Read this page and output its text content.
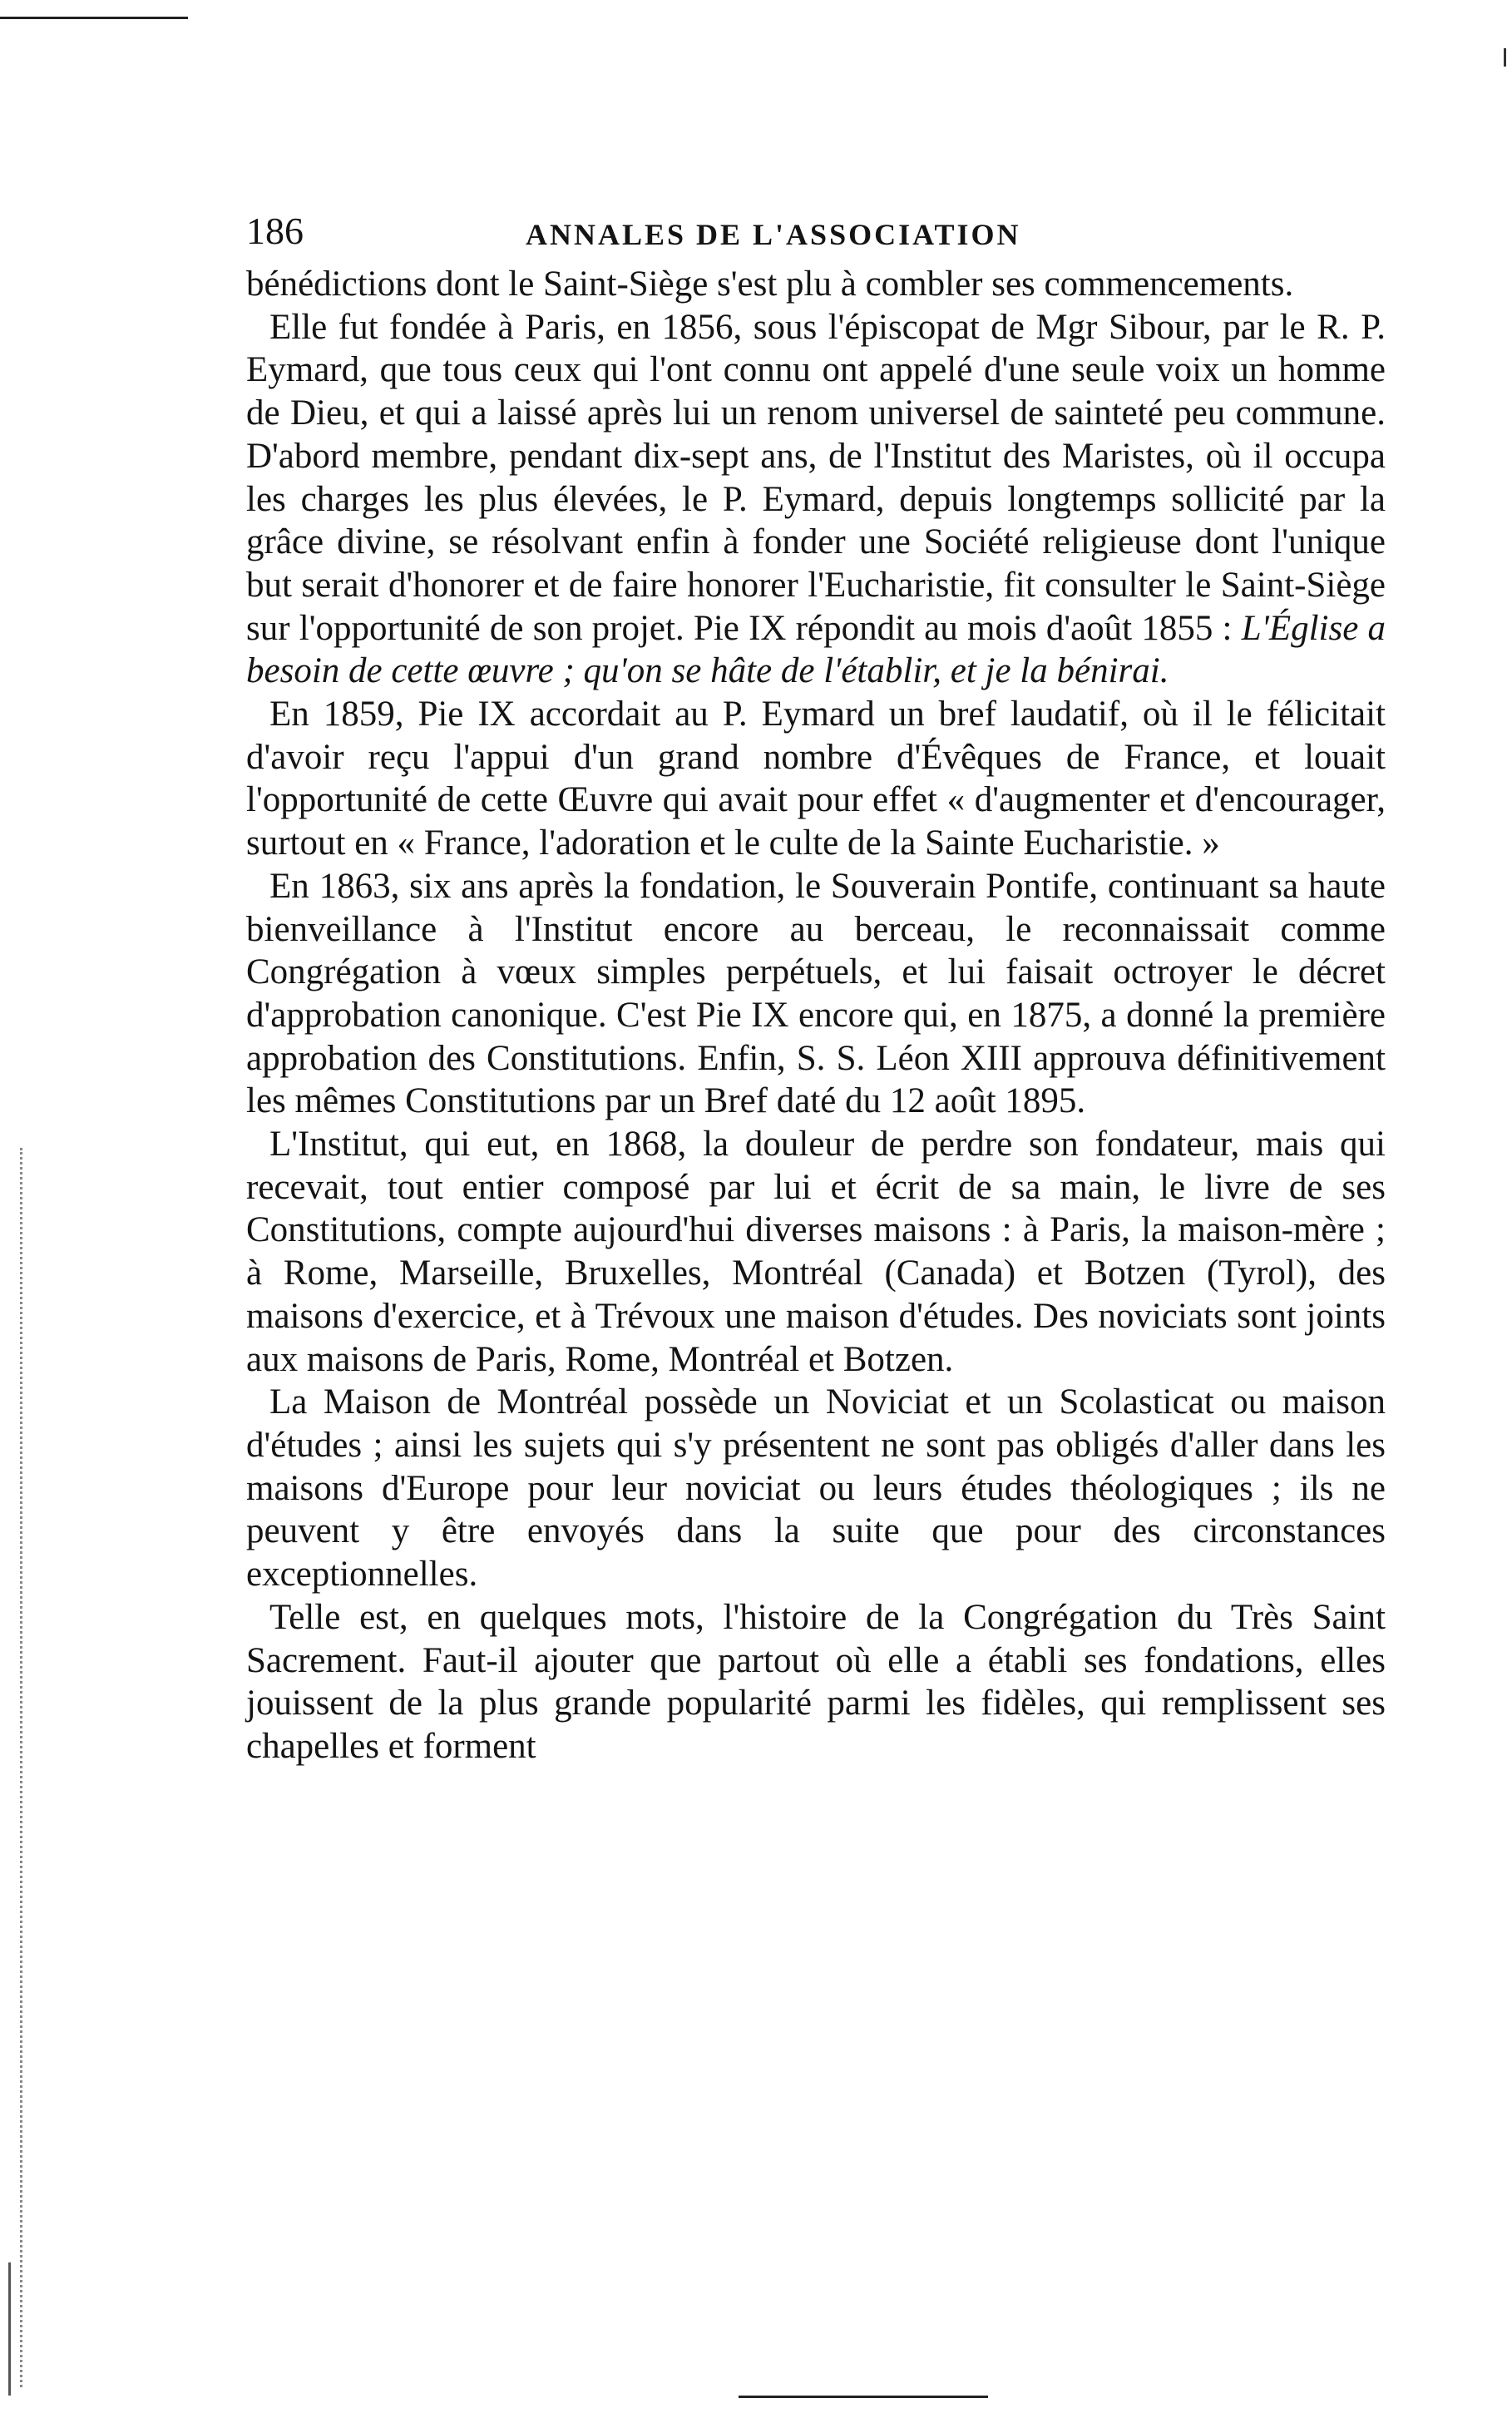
186	ANNALES DE L'ASSOCIATION

bénédictions dont le Saint-Siège s'est plu à combler ses commencements.

Elle fut fondée à Paris, en 1856, sous l'épiscopat de Mgr Sibour, par le R. P. Eymard, que tous ceux qui l'ont connu ont appelé d'une seule voix un homme de Dieu, et qui a laissé après lui un renom universel de sainteté peu commune. D'abord membre, pendant dix-sept ans, de l'Institut des Maristes, où il occupa les charges les plus élevées, le P. Eymard, depuis longtemps sollicité par la grâce divine, se résolvant enfin à fonder une Société religieuse dont l'unique but serait d'honorer et de faire honorer l'Eucharistie, fit consulter le Saint-Siège sur l'opportunité de son projet. Pie IX répondit au mois d'août 1855 : L'Église a besoin de cette œuvre ; qu'on se hâte de l'établir, et je la bénirai.

En 1859, Pie IX accordait au P. Eymard un bref laudatif, où il le félicitait d'avoir reçu l'appui d'un grand nombre d'Évêques de France, et louait l'opportunité de cette Œuvre qui avait pour effet « d'augmenter et d'encourager, surtout en « France, l'adoration et le culte de la Sainte Eucharistie. »

En 1863, six ans après la fondation, le Souverain Pontife, continuant sa haute bienveillance à l'Institut encore au berceau, le reconnaissait comme Congrégation à vœux simples perpétuels, et lui faisait octroyer le décret d'approbation canonique. C'est Pie IX encore qui, en 1875, a donné la première approbation des Constitutions. Enfin, S. S. Léon XIII approuva définitivement les mêmes Constitutions par un Bref daté du 12 août 1895.

L'Institut, qui eut, en 1868, la douleur de perdre son fondateur, mais qui recevait, tout entier composé par lui et écrit de sa main, le livre de ses Constitutions, compte aujourd'hui diverses maisons : à Paris, la maison-mère ; à Rome, Marseille, Bruxelles, Montréal (Canada) et Botzen (Tyrol), des maisons d'exercice, et à Trévoux une maison d'études. Des noviciats sont joints aux maisons de Paris, Rome, Montréal et Botzen.

La Maison de Montréal possède un Noviciat et un Scolasticat ou maison d'études ; ainsi les sujets qui s'y présentent ne sont pas obligés d'aller dans les maisons d'Europe pour leur noviciat ou leurs études théologiques ; ils ne peuvent y être envoyés dans la suite que pour des circonstances exceptionnelles.

Telle est, en quelques mots, l'histoire de la Congrégation du Très Saint Sacrement. Faut-il ajouter que partout où elle a établi ses fondations, elles jouissent de la plus grande popularité parmi les fidèles, qui remplissent ses chapelles et forment
